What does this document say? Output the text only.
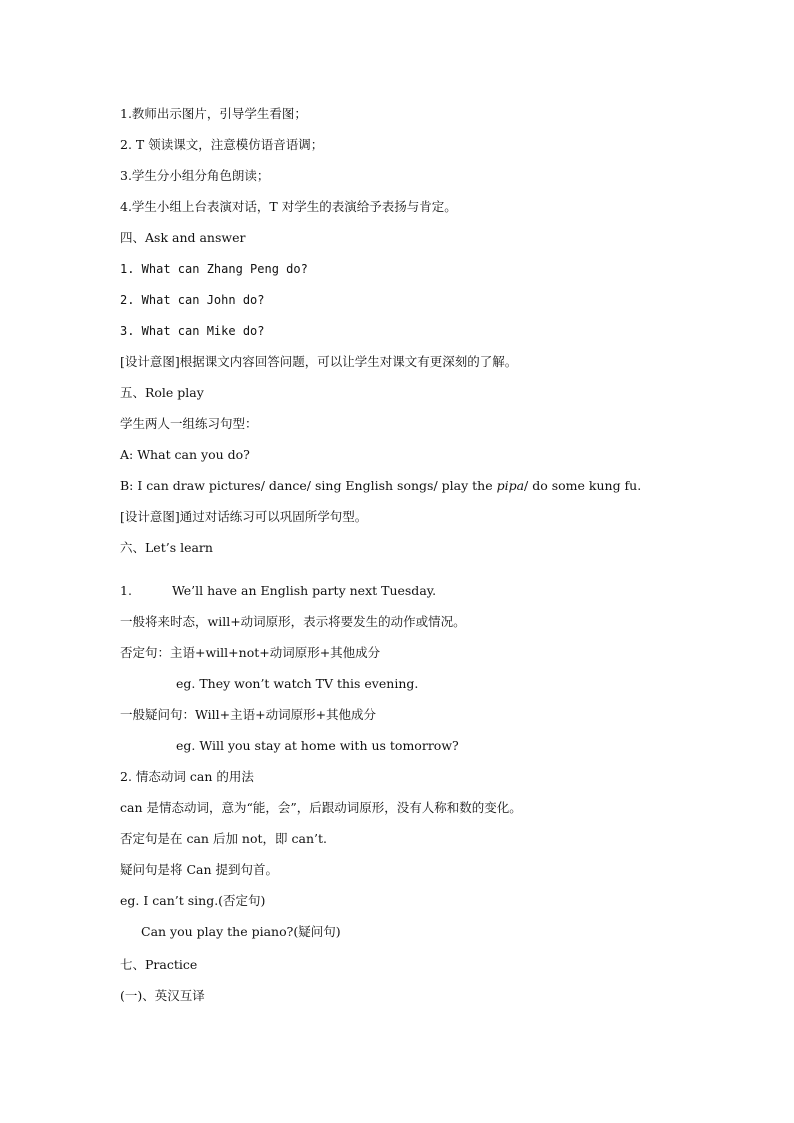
1.教师出示图片，引导学生看图；
2. T 领读课文，注意模仿语音语调；
3.学生分小组分角色朗读；
4.学生小组上台表演对话，T 对学生的表演给予表扬与肯定。
四、Ask and answer
1. What can Zhang Peng do?
2. What can John do?
3. What can Mike do?
[设计意图]根据课文内容回答问题，可以让学生对课文有更深刻的了解。
五、Role play
学生两人一组练习句型：
A: What can you do?
B: I can draw pictures/ dance/ sing English songs/ play the pipa/ do some kung fu.
[设计意图]通过对话练习可以巩固所学句型。
六、Let’s learn
1.	We’ll have an English party next Tuesday.
一般将来时态，will+动词原形，表示将要发生的动作或情况。
否定句：主语+will+not+动词原形+其他成分
eg. They won’t watch TV this evening.
一般疑问句：Will+主语+动词原形+其他成分
eg. Will you stay at home with us tomorrow?
2. 情态动词 can 的用法
can 是情态动词，意为“能，会”，后跟动词原形，没有人称和数的变化。
否定句是在 can 后加 not，即 can’t.
疑问句是将 Can 提到句首。
eg. I can’t sing.(否定句)
Can you play the piano?(疑问句)
七、Practice
(一)、英汉互译
